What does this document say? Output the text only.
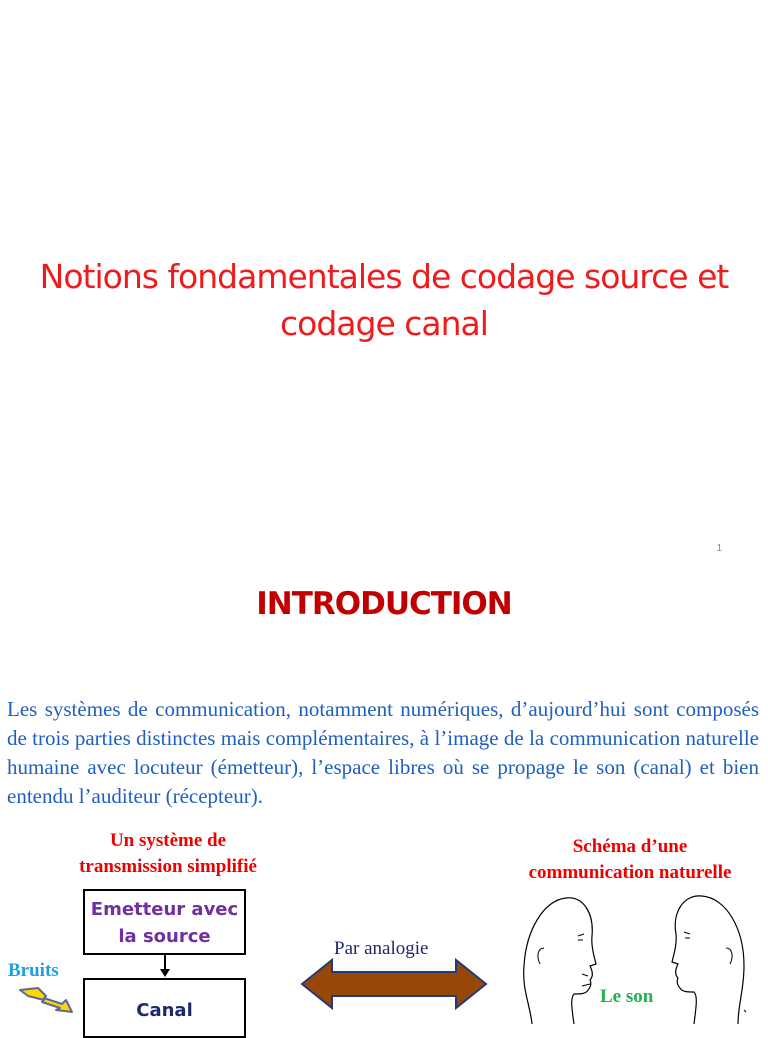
Notions fondamentales de codage source et codage canal
1
INTRODUCTION
Les systèmes de communication, notamment numériques, d’aujourd’hui sont composés de trois parties distinctes mais complémentaires, à l’image de la communication naturelle humaine avec locuteur (émetteur), l’espace libres où se propage le son (canal) et bien entendu l’auditeur (récepteur).
Un système de transmission simplifié
Schéma d’une communication naturelle
Emetteur avec la source
Canal
Bruits
Par analogie
Le son
